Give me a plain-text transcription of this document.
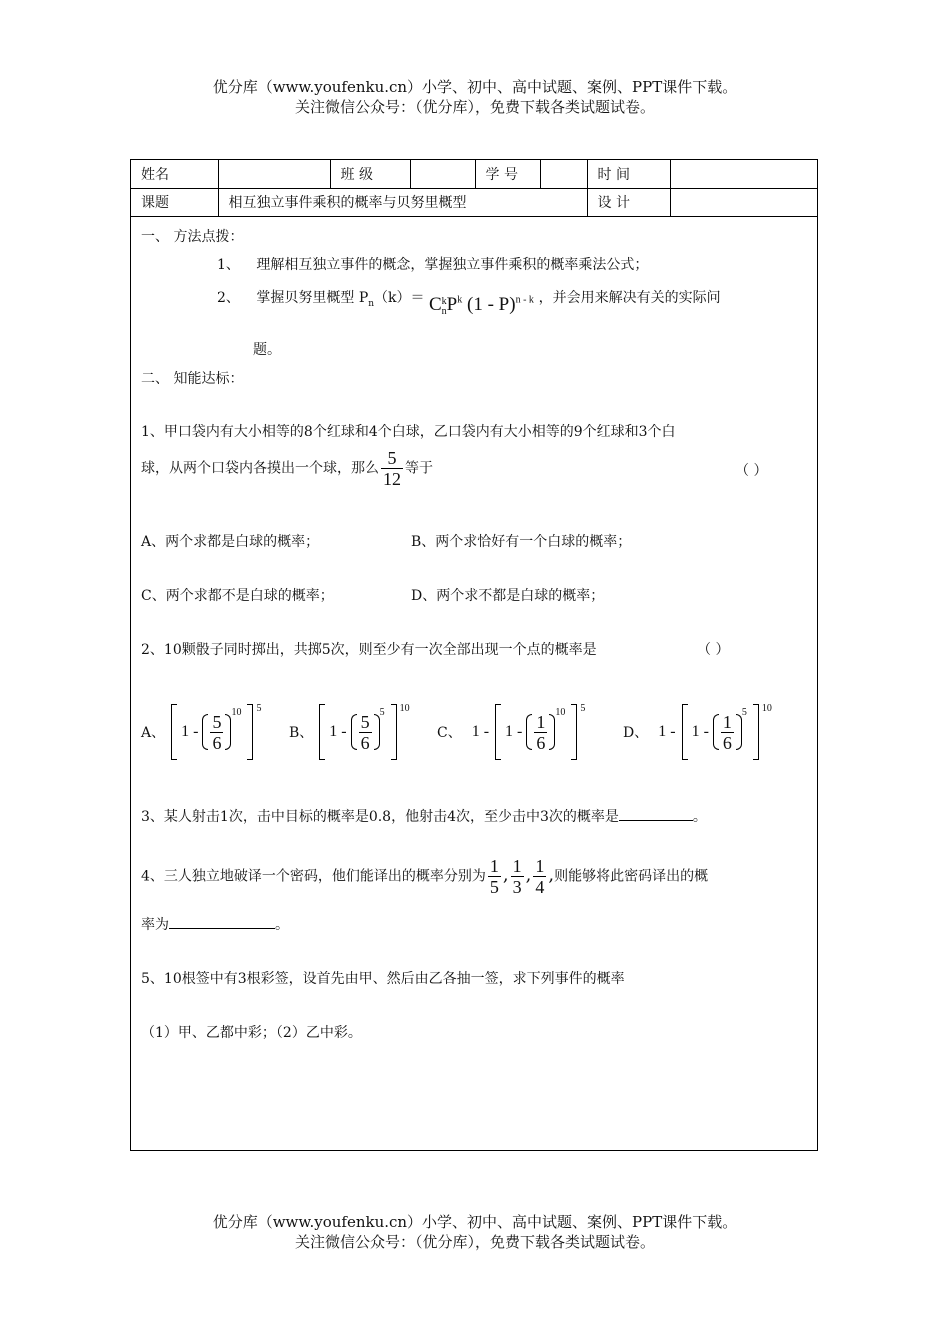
优分库（www.youfenku.cn）小学、初中、高中试题、案例、PPT课件下载。
关注微信公众号：（优分库），免费下载各类试题试卷。
姓名		班 级		学 号		时 间	
课题	相互独立事件乘积的概率与贝努里概型					设 计	
一、 方法点拨：
1、 理解相互独立事件的概念，掌握独立事件乘积的概率乘法公式；
2、 掌握贝努里概型 $P_n(k)= C$ k
n $P^k$ (1 - P)$^{n - k}$ ，并会用来解决有关的实际问
题。
二、 知能达标：
1、甲口袋内有大小相等的8个红球和4个白球，乙口袋内有大小相等的9个红球和3个白
球，从两个口袋内各摸出一个球，那么 $\frac{5}{12}$ 等于	（ ）
A、两个求都是白球的概率；	B、两个求恰好有一个白球的概率；
C、两个求都不是白球的概率；	D、两个求不都是白球的概率；
2、10颗骰子同时掷出，共掷5次，则至少有一次全部出现一个点的概率是	（ ）
A、 $1 - \frac{5}{6} 10$ 5
B、 $1 - \frac{5}{6} 5$ 10
C、 $1 - 1 - \frac{1}{6} 10$ 5
D、 $1 - 1 - \frac{1}{6} 5$ 10
3、某人射击1次，击中目标的概率是0.8，他射击4次，至少击中3次的概率是	。
4、三人独立地破译一个密码，他们能译出的概率分别为 $\frac{1}{5}$ , $\frac{1}{3}$ , $\frac{1}{4}$ ,则能够将此密码译出的概
率为	。
5、10根签中有3根彩签，设首先由甲、然后由乙各抽一签，求下列事件的概率
（1）甲、乙都中彩；（2）乙中彩。
优分库（www.youfenku.cn）小学、初中、高中试题、案例、PPT课件下载。
关注微信公众号：（优分库），免费下载各类试题试卷。
